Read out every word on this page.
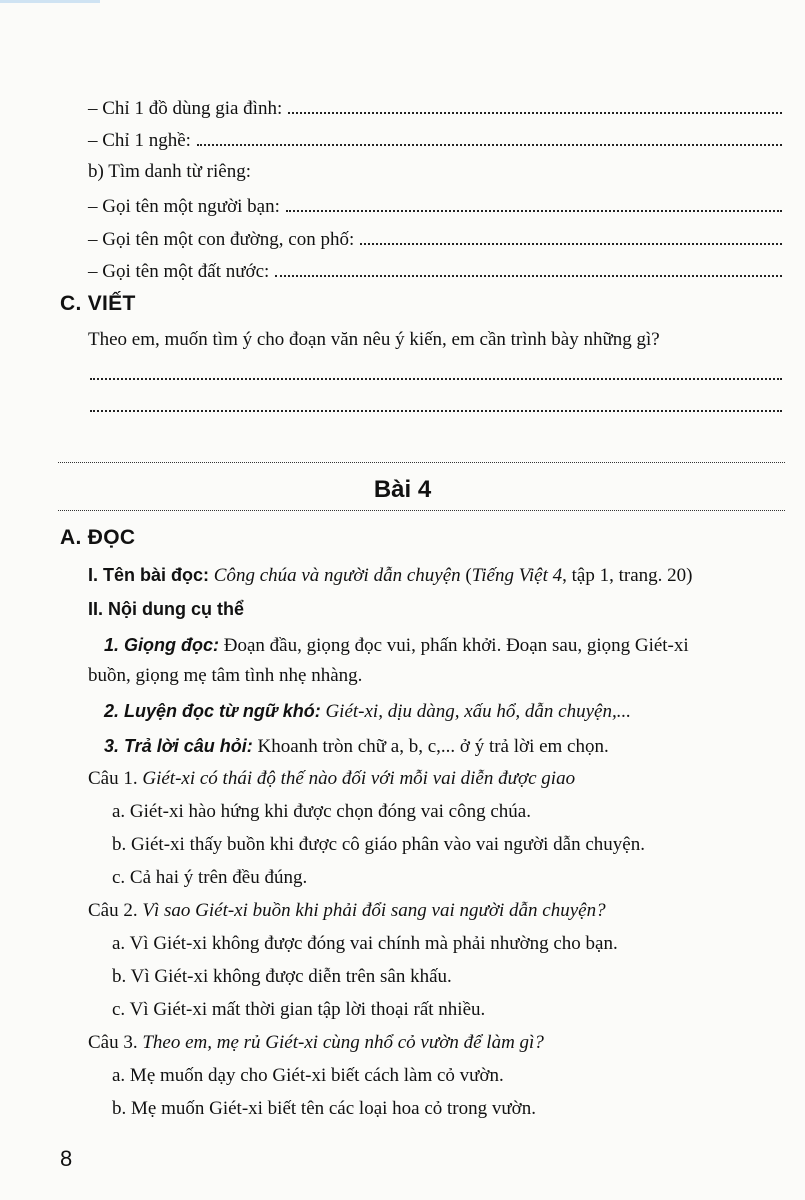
– Chỉ 1 đồ dùng gia đình:
– Chỉ 1 nghề:
b) Tìm danh từ riêng:
– Gọi tên một người bạn:
– Gọi tên một con đường, con phố:
– Gọi tên một đất nước:
C. VIẾT
Theo em, muốn tìm ý cho đoạn văn nêu ý kiến, em cần trình bày những gì?
Bài 4
A. ĐỌC
I. Tên bài đọc: Công chúa và người dẫn chuyện (Tiếng Việt 4, tập 1, trang. 20)
II. Nội dung cụ thể
1. Giọng đọc: Đoạn đầu, giọng đọc vui, phấn khởi. Đoạn sau, giọng Giét-xi
buồn, giọng mẹ tâm tình nhẹ nhàng.
2. Luyện đọc từ ngữ khó: Giét-xi, dịu dàng, xấu hổ, dẫn chuyện,...
3. Trả lời câu hỏi: Khoanh tròn chữ a, b, c,... ở ý trả lời em chọn.
Câu 1. Giét-xi có thái độ thế nào đối với mỗi vai diễn được giao
a. Giét-xi hào hứng khi được chọn đóng vai công chúa.
b. Giét-xi thấy buồn khi được cô giáo phân vào vai người dẫn chuyện.
c. Cả hai ý trên đều đúng.
Câu 2. Vì sao Giét-xi buồn khi phải đổi sang vai người dẫn chuyện?
a. Vì Giét-xi không được đóng vai chính mà phải nhường cho bạn.
b. Vì Giét-xi không được diễn trên sân khấu.
c. Vì Giét-xi mất thời gian tập lời thoại rất nhiều.
Câu 3. Theo em, mẹ rủ Giét-xi cùng nhổ cỏ vườn để làm gì?
a. Mẹ muốn dạy cho Giét-xi biết cách làm cỏ vườn.
b. Mẹ muốn Giét-xi biết tên các loại hoa cỏ trong vườn.
8
